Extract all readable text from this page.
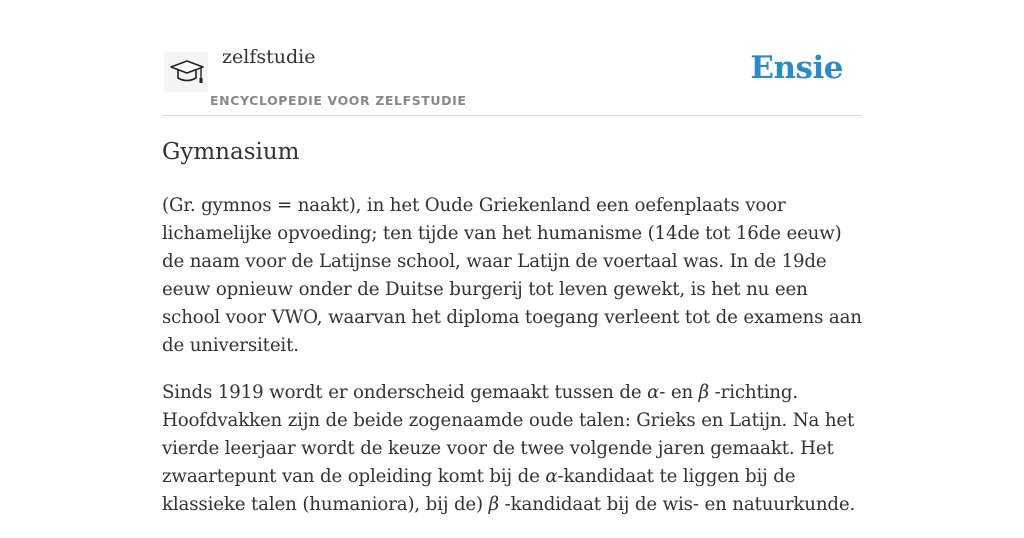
zelfstudie
ENCYCLOPEDIE VOOR ZELFSTUDIE
Ensie
Gymnasium

(Gr. gymnos = naakt), in het Oude Griekenland een oefenplaats voor lichamelijke opvoeding; ten tijde van het humanisme (14de tot 16de eeuw) de naam voor de Latijnse school, waar Latijn de voertaal was. In de 19de eeuw opnieuw onder de Duitse burgerij tot leven gewekt, is het nu een school voor VWO, waarvan het diploma toegang verleent tot de examens aan de universiteit.

Sinds 1919 wordt er onderscheid gemaakt tussen de α- en β -richting. Hoofdvakken zijn de beide zogenaamde oude talen: Grieks en Latijn. Na het vierde leerjaar wordt de keuze voor de twee volgende jaren gemaakt. Het zwaartepunt van de opleiding komt bij de α-kandidaat te liggen bij de klassieke talen (humaniora), bij de) β -kandidaat bij de wis- en natuurkunde.
